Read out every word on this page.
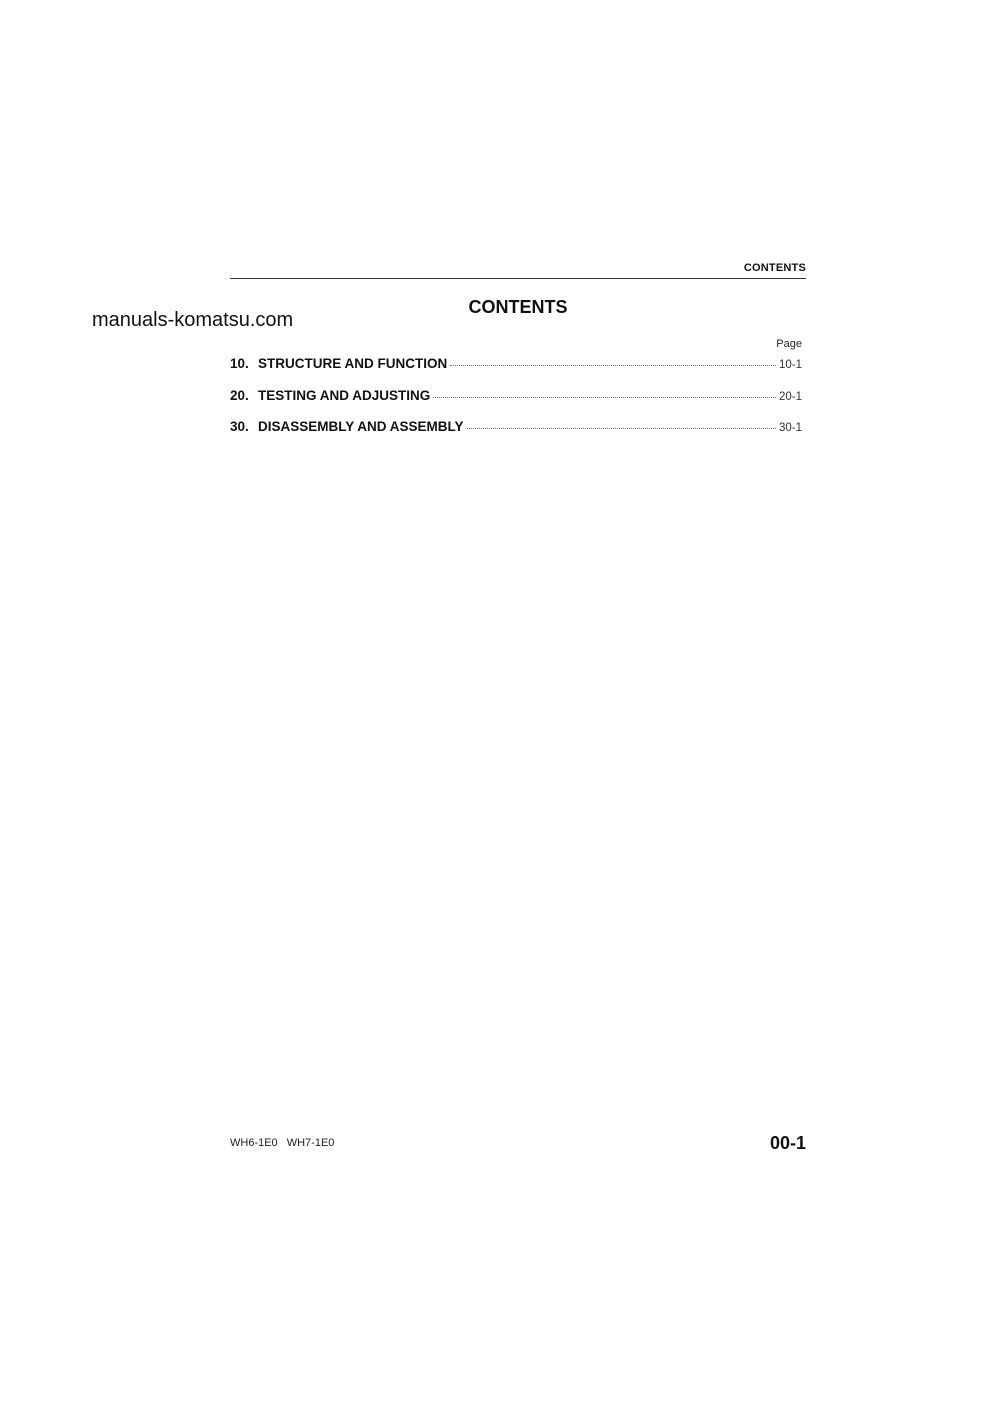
CONTENTS
CONTENTS
manuals-komatsu.com
Page
10. STRUCTURE AND FUNCTION	10-1
20. TESTING AND ADJUSTING	20-1
30. DISASSEMBLY AND ASSEMBLY	30-1
WH6-1E0 WH7-1E0	00-1
